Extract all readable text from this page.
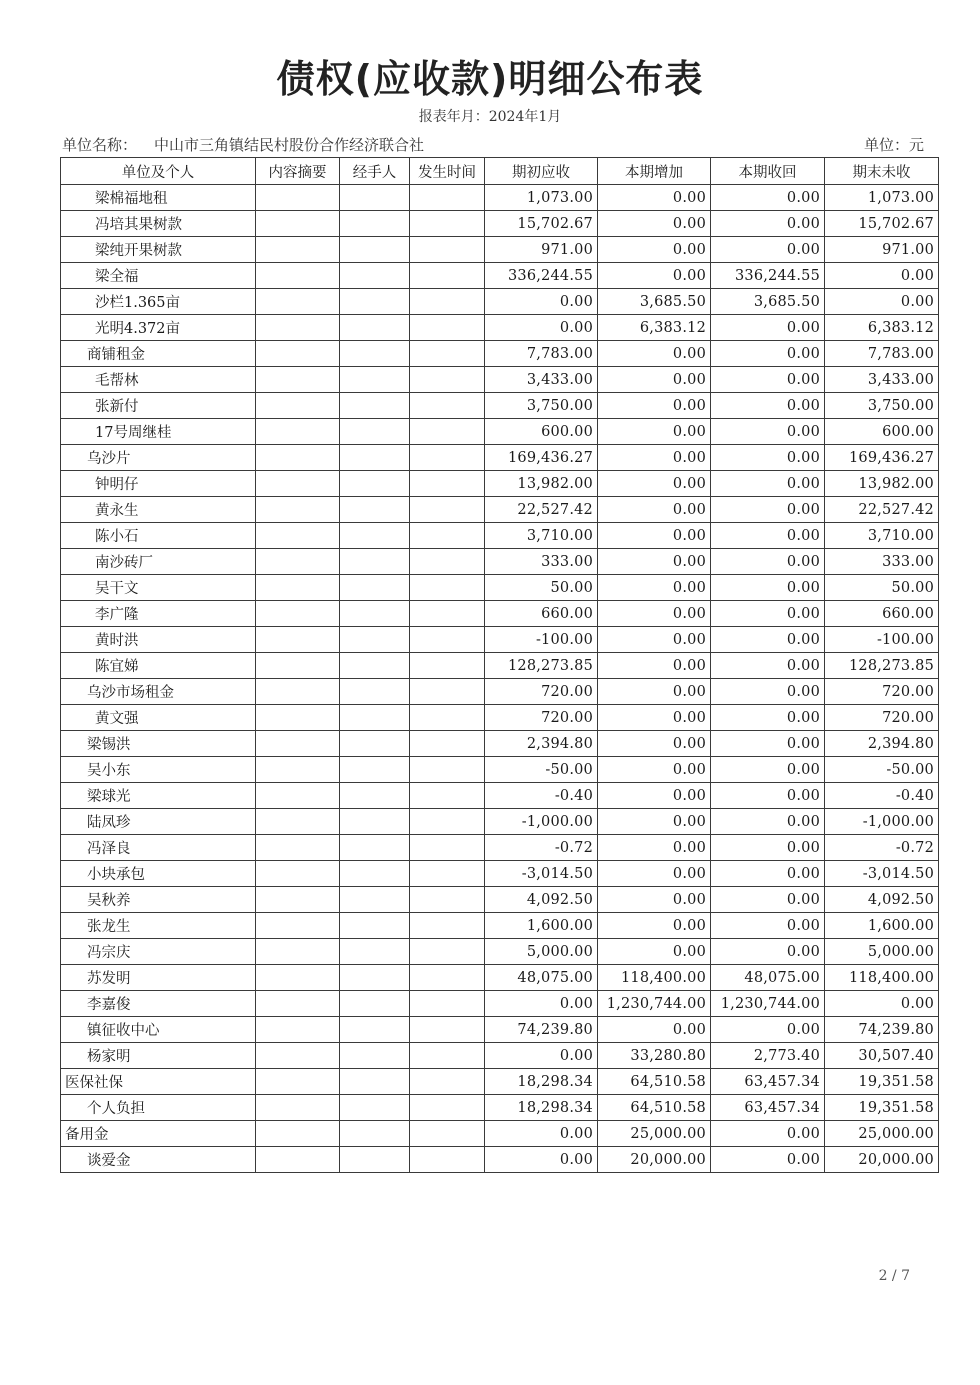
债权(应收款)明细公布表
报表年月：2024年1月
单位名称： 中山市三角镇结民村股份合作经济联合社	单位：元
单位及个人	内容摘要	经手人	发生时间	期初应收	本期增加	本期收回	期末未收
梁棉福地租				1,073.00	0.00	0.00	1,073.00
冯培其果树款				15,702.67	0.00	0.00	15,702.67
梁纯开果树款				971.00	0.00	0.00	971.00
梁全福				336,244.55	0.00	336,244.55	0.00
沙栏1.365亩				0.00	3,685.50	3,685.50	0.00
光明4.372亩				0.00	6,383.12	0.00	6,383.12
商铺租金				7,783.00	0.00	0.00	7,783.00
毛帮林				3,433.00	0.00	0.00	3,433.00
张新付				3,750.00	0.00	0.00	3,750.00
17号周继桂				600.00	0.00	0.00	600.00
乌沙片				169,436.27	0.00	0.00	169,436.27
钟明仔				13,982.00	0.00	0.00	13,982.00
黄永生				22,527.42	0.00	0.00	22,527.42
陈小石				3,710.00	0.00	0.00	3,710.00
南沙砖厂				333.00	0.00	0.00	333.00
吴干文				50.00	0.00	0.00	50.00
李广隆				660.00	0.00	0.00	660.00
黄时洪				-100.00	0.00	0.00	-100.00
陈宜娣				128,273.85	0.00	0.00	128,273.85
乌沙市场租金				720.00	0.00	0.00	720.00
黄文强				720.00	0.00	0.00	720.00
梁锡洪				2,394.80	0.00	0.00	2,394.80
吴小东				-50.00	0.00	0.00	-50.00
梁球光				-0.40	0.00	0.00	-0.40
陆凤珍				-1,000.00	0.00	0.00	-1,000.00
冯泽良				-0.72	0.00	0.00	-0.72
小块承包				-3,014.50	0.00	0.00	-3,014.50
吴秋养				4,092.50	0.00	0.00	4,092.50
张龙生				1,600.00	0.00	0.00	1,600.00
冯宗庆				5,000.00	0.00	0.00	5,000.00
苏发明				48,075.00	118,400.00	48,075.00	118,400.00
李嘉俊				0.00	1,230,744.00	1,230,744.00	0.00
镇征收中心				74,239.80	0.00	0.00	74,239.80
杨家明				0.00	33,280.80	2,773.40	30,507.40
医保社保				18,298.34	64,510.58	63,457.34	19,351.58
个人负担				18,298.34	64,510.58	63,457.34	19,351.58
备用金				0.00	25,000.00	0.00	25,000.00
谈爱金				0.00	20,000.00	0.00	20,000.00
2 / 7
